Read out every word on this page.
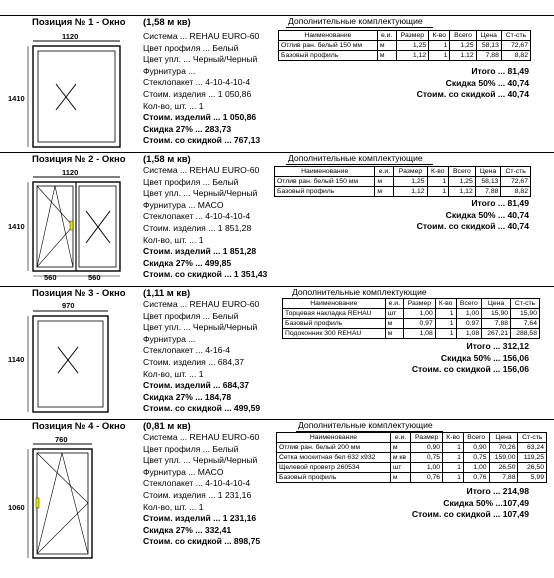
Позиция № 1 - Окно (1,58 м кв)
1120
1410
Система ... REHAU EURO-60
Цвет профиля ... Белый
Цвет упл. ... Черный/Черный
Фурнитура ...
Стеклопакет ... 4-10-4-10-4
Стоим. изделия ... 1 050,86
Кол-во, шт. ... 1
Стоим. изделий ... 1 050,86
Скидка 27% ... 283,73
Стоим. со скидкой ... 767,13
Дополнительные комплектующие
Наименование	е.и.	Размер	К-во	Всего	Цена	Ст-сть
Отлив ран. белый 150 мм	м	1,25	1	1,25	58,13	72,67
Базовый профиль	м	1,12	1	1,12	7,88	8,82
Итого ... 81,49
Скидка 50% ... 40,74
Стоим. со скидкой ... 40,74
Позиция № 2 - Окно (1,58 м кв)
1120
1410
560	560
Система ... REHAU EURO-60
Цвет профиля ... Белый
Цвет упл. ... Черный/Черный
Фурнитура ... MACO
Стеклопакет ... 4-10-4-10-4
Стоим. изделия ... 1 851,28
Кол-во, шт. ... 1
Стоим. изделий ... 1 851,28
Скидка 27% ... 499,85
Стоим. со скидкой ... 1 351,43
Дополнительные комплектующие
Наименование	е.и.	Размер	К-во	Всего	Цена	Ст-сть
Отлив ран. белый 150 мм	м	1,25	1	1,25	58,13	72,67
Базовый профиль	м	1,12	1	1,12	7,88	8,82
Итого ... 81,49
Скидка 50% ... 40,74
Стоим. со скидкой ... 40,74
Позиция № 3 - Окно (1,11 м кв)
970
1140
Система ... REHAU EURO-60
Цвет профиля ... Белый
Цвет упл. ... Черный/Черный
Фурнитура ...
Стеклопакет ... 4-16-4
Стоим. изделия ... 684,37
Кол-во, шт. ... 1
Стоим. изделий ... 684,37
Скидка 27% ... 184,78
Стоим. со скидкой ... 499,59
Дополнительные комплектующие
Наименование	е.и.	Размер	К-во	Всего	Цена	Ст-сть
Торцевая накладка REHAU	шт	1,00	1	1,00	15,90	15,90
Базовый профиль	м	0,97	1	0,97	7,88	7,64
Подоконник 300 REHAU	м	1,08	1	1,08	267,21	288,58
Итого ... 312,12
Скидка 50% ... 156,06
Стоим. со скидкой ... 156,06
Позиция № 4 - Окно (0,81 м кв)
760
1060
Система ... REHAU EURO-60
Цвет профиля ... Белый
Цвет упл. ... Черный/Черный
Фурнитура ... MACO
Стеклопакет ... 4-10-4-10-4
Стоим. изделия ... 1 231,16
Кол-во, шт. ... 1
Стоим. изделий ... 1 231,16
Скидка 27% ... 332,41
Стоим. со скидкой ... 898,75
Дополнительные комплектующие
Наименование	е.и.	Размер	К-во	Всего	Цена	Ст-сть
Отлив ран. белый 200 мм	м	0,90	1	0,90	70,26	63,24
Сетка москитная бел 632 х932	м кв	0,75	1	0,75	159,00	119,25
Щелевой проветр 260534	шт	1,00	1	1,00	26,50	26,50
Базовый профиль	м	0,76	1	0,76	7,88	5,99
Итого ... 214,98
Скидка 50% ...107,49
Стоим. со скидкой ... 107,49
